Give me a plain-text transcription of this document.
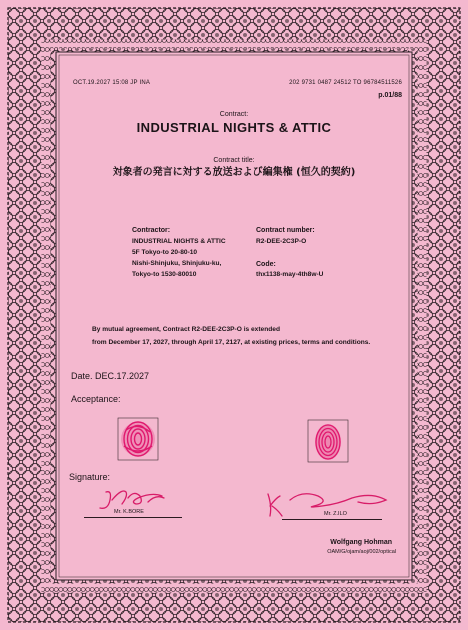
OCT.19.2027 15:08 JP INA	202 9731 0487 24512 TO 96784511526
p.01/88
Contract:
INDUSTRIAL NIGHTS & ATTIC
Contract title:
対象者の発言に対する放送および編集権 (恒久的契約)
Contractor:
INDUSTRIAL NIGHTS & ATTIC
5F Tokyo-to 20-80-10
Nishi-Shinjuku, Shinjuku-ku,
Tokyo-to 1530-80010
Contract number:
R2-DEE-2C3P-O
Code:
thx1138-may-4th8w-U
By mutual agreement, Contract R2-DEE-2C3P-O is extended
from December 17, 2027, through April 17, 2127, at existing prices, terms and conditions.
Date. DEC.17.2027
Acceptance:
Signature:
Mr. K.BORE	Mr. Z.ILO
Wolfgang Hohman
OAM/G/ojam/aoj/002/optical
